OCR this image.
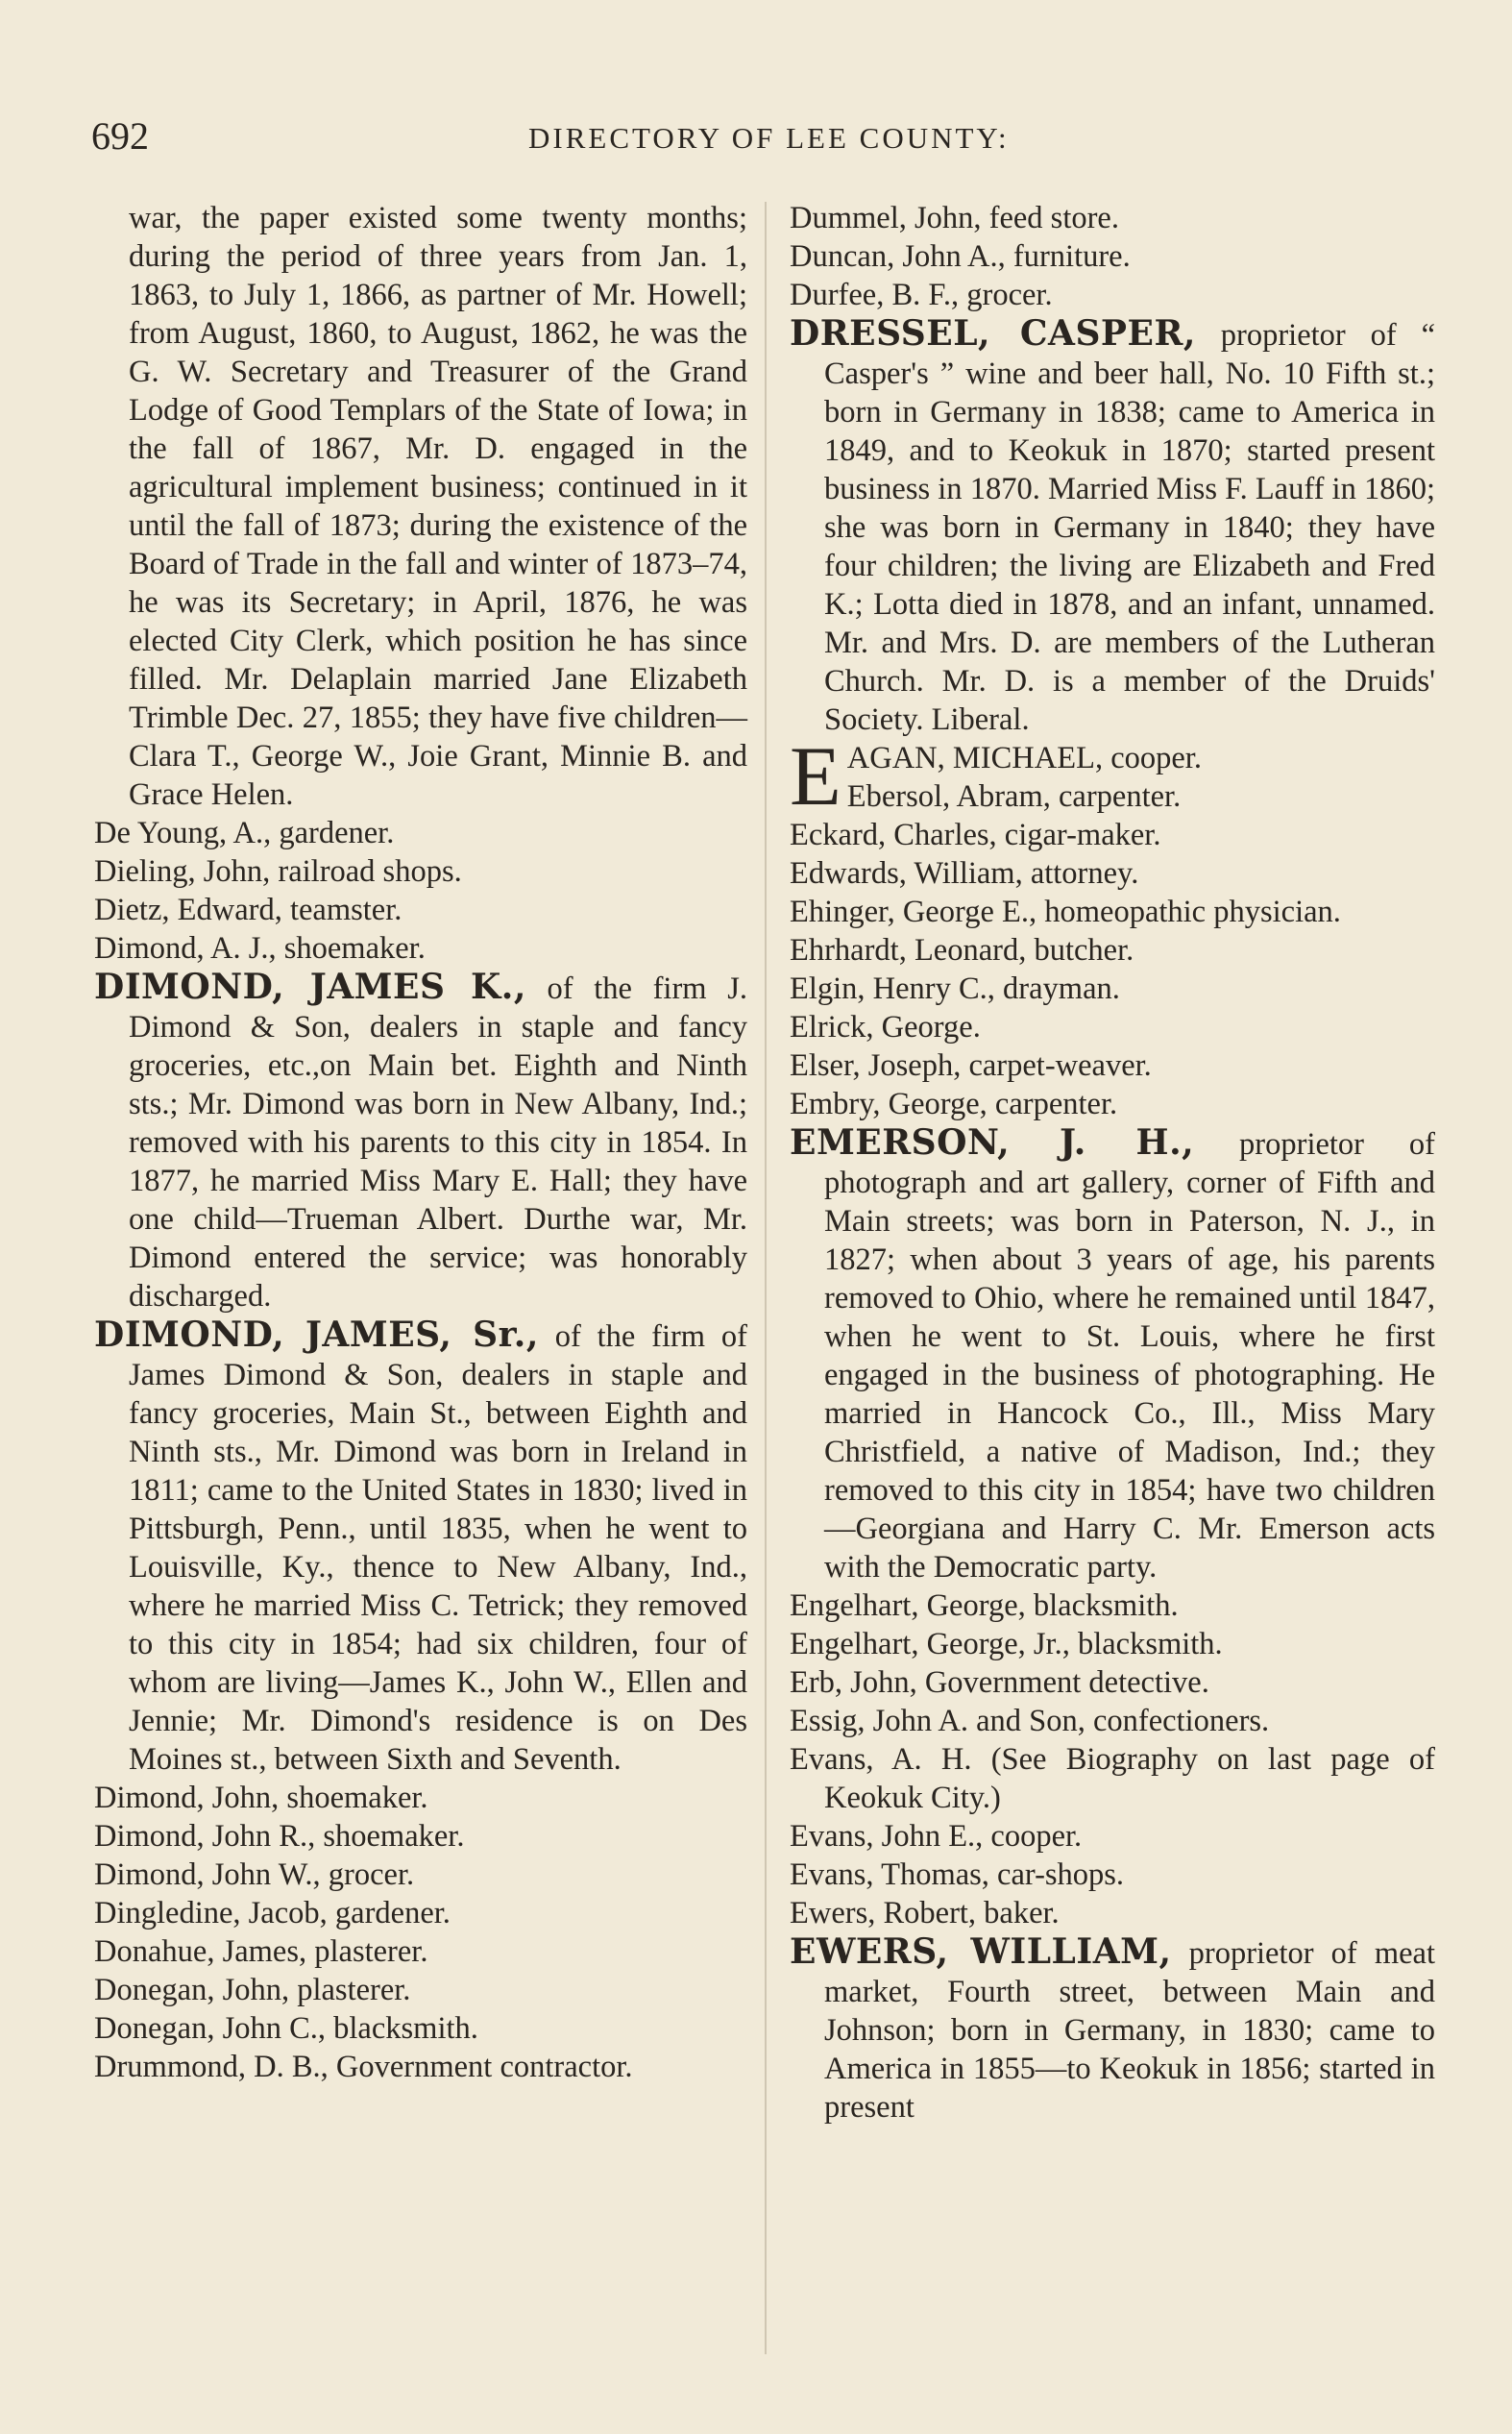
692	DIRECTORY OF LEE COUNTY:

war, the paper existed some twenty months; during the period of three years from Jan. 1, 1863, to July 1, 1866, as partner of Mr. Howell; from August, 1860, to August, 1862, he was the G. W. Secretary and Treasurer of the Grand Lodge of Good Templars of the State of Iowa; in the fall of 1867, Mr. D. engaged in the agricultural implement business; continued in it until the fall of 1873; during the existence of the Board of Trade in the fall and winter of 1873–74, he was its Secretary; in April, 1876, he was elected City Clerk, which position he has since filled. Mr. Delaplain married Jane Elizabeth Trimble Dec. 27, 1855; they have five children—Clara T., George W., Joie Grant, Minnie B. and Grace Helen.

De Young, A., gardener.

Dieling, John, railroad shops.

Dietz, Edward, teamster.

Dimond, A. J., shoemaker.

DIMOND, JAMES K., of the firm J. Dimond & Son, dealers in staple and fancy groceries, etc.,on Main bet. Eighth and Ninth sts.; Mr. Dimond was born in New Albany, Ind.; removed with his parents to this city in 1854. In 1877, he married Miss Mary E. Hall; they have one child—Trueman Albert. Durthe war, Mr. Dimond entered the service; was honorably discharged.

DIMOND, JAMES, Sr., of the firm of James Dimond & Son, dealers in staple and fancy groceries, Main St., between Eighth and Ninth sts., Mr. Dimond was born in Ireland in 1811; came to the United States in 1830; lived in Pittsburgh, Penn., until 1835, when he went to Louisville, Ky., thence to New Albany, Ind., where he married Miss C. Tetrick; they removed to this city in 1854; had six children, four of whom are living—James K., John W., Ellen and Jennie; Mr. Dimond's residence is on Des Moines st., between Sixth and Seventh.

Dimond, John, shoemaker.

Dimond, John R., shoemaker.

Dimond, John W., grocer.

Dingledine, Jacob, gardener.

Donahue, James, plasterer.

Donegan, John, plasterer.

Donegan, John C., blacksmith.

Drummond, D. B., Government contractor.

Dummel, John, feed store.

Duncan, John A., furniture.

Durfee, B. F., grocer.

DRESSEL, CASPER, proprietor of “ Casper's ” wine and beer hall, No. 10 Fifth st.; born in Germany in 1838; came to America in 1849, and to Keokuk in 1870; started present business in 1870. Married Miss F. Lauff in 1860; she was born in Germany in 1840; they have four children; the living are Elizabeth and Fred K.; Lotta died in 1878, and an infant, unnamed. Mr. and Mrs. D. are members of the Lutheran Church. Mr. D. is a member of the Druids' Society. Liberal.

E AGAN, MICHAEL, cooper.
Ebersol, Abram, carpenter.

Eckard, Charles, cigar-maker.

Edwards, William, attorney.

Ehinger, George E., homeopathic physician.

Ehrhardt, Leonard, butcher.

Elgin, Henry C., drayman.

Elrick, George.

Elser, Joseph, carpet-weaver.

Embry, George, carpenter.

EMERSON, J. H., proprietor of photograph and art gallery, corner of Fifth and Main streets; was born in Paterson, N. J., in 1827; when about 3 years of age, his parents removed to Ohio, where he remained until 1847, when he went to St. Louis, where he first engaged in the business of photographing. He married in Hancock Co., Ill., Miss Mary Christfield, a native of Madison, Ind.; they removed to this city in 1854; have two children—Georgiana and Harry C. Mr. Emerson acts with the Democratic party.

Engelhart, George, blacksmith.

Engelhart, George, Jr., blacksmith.

Erb, John, Government detective.

Essig, John A. and Son, confectioners.

Evans, A. H. (See Biography on last page of Keokuk City.)

Evans, John E., cooper.

Evans, Thomas, car-shops.

Ewers, Robert, baker.

EWERS, WILLIAM, proprietor of meat market, Fourth street, between Main and Johnson; born in Germany, in 1830; came to America in 1855—to Keokuk in 1856; started in present
